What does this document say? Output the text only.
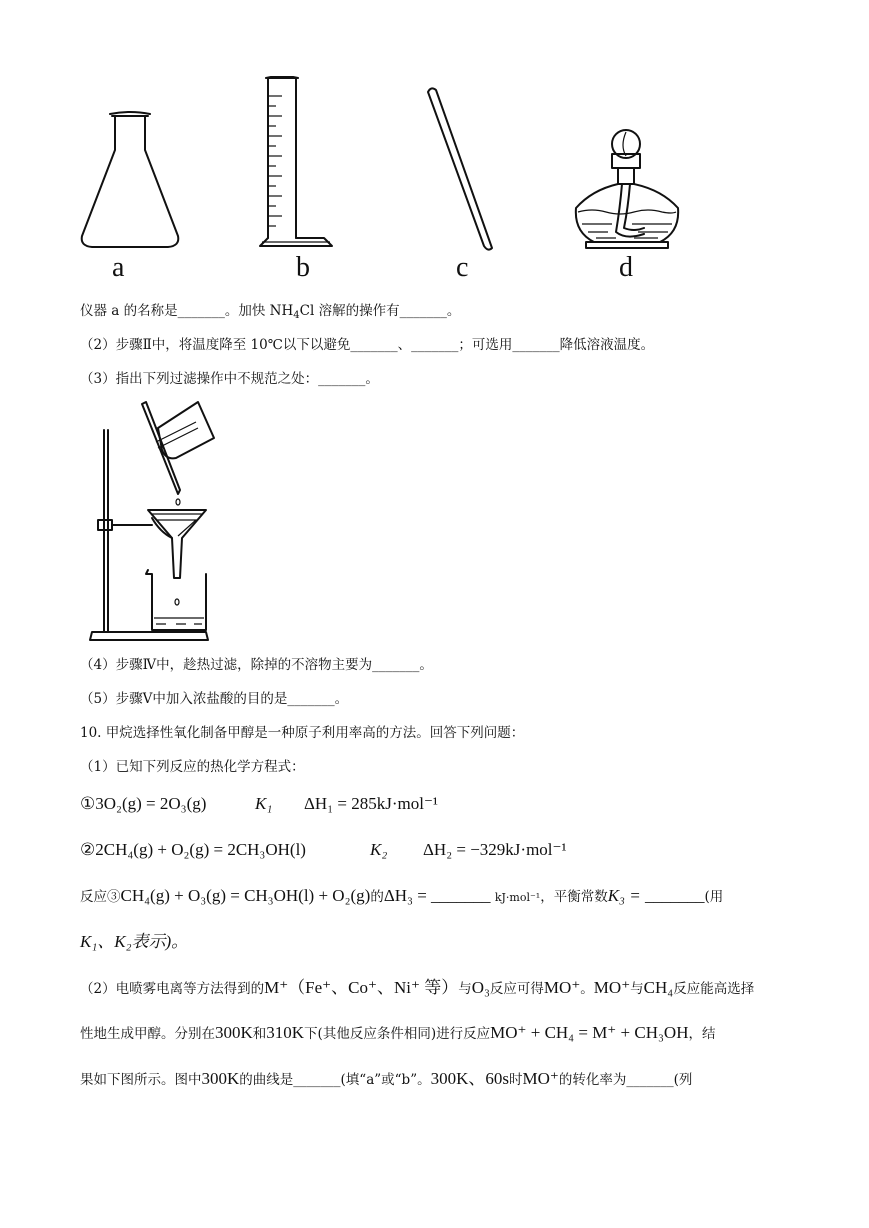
a	b	c	d
仪器 a 的名称是_______。加快 $NH_4Cl$ 溶解的操作有_______。
（2）步骤Ⅱ中，将温度降至 10℃以下以避免_______、_______；可选用_______降低溶液温度。
（3）指出下列过滤操作中不规范之处：_______。
（4）步骤Ⅳ中，趁热过滤，除掉的不溶物主要为_______。
（5）步骤Ⅴ中加入浓盐酸的目的是_______。
10. 甲烷选择性氧化制备甲醇是一种原子利用率高的方法。回答下列问题：
（1）已知下列反应的热化学方程式：
①3O₂(g) = 2O₃(g)	K₁ ΔH₁ = 285kJ·mol⁻¹
②2CH₄(g) + O₂(g) = 2CH₃OH(l)	K₂ ΔH₂ = −329kJ·mol⁻¹
反应③CH₄(g) + O₃(g) = CH₃OH(l) + O₂(g)的ΔH₃ = _______ kJ·mol⁻¹，平衡常数K₃ = _______(用
K₁、K₂表示)。
（2）电喷雾电离等方法得到的M⁺（Fe⁺、Co⁺、Ni⁺ 等）与O₃反应可得MO⁺。MO⁺与CH₄反应能高选择
性地生成甲醇。分别在300K和310K下(其他反应条件相同)进行反应MO⁺ + CH₄ = M⁺ + CH₃OH，结
果如下图所示。图中300K的曲线是_______(填“a”或“b”。300K、60s时MO⁺的转化率为_______(列
